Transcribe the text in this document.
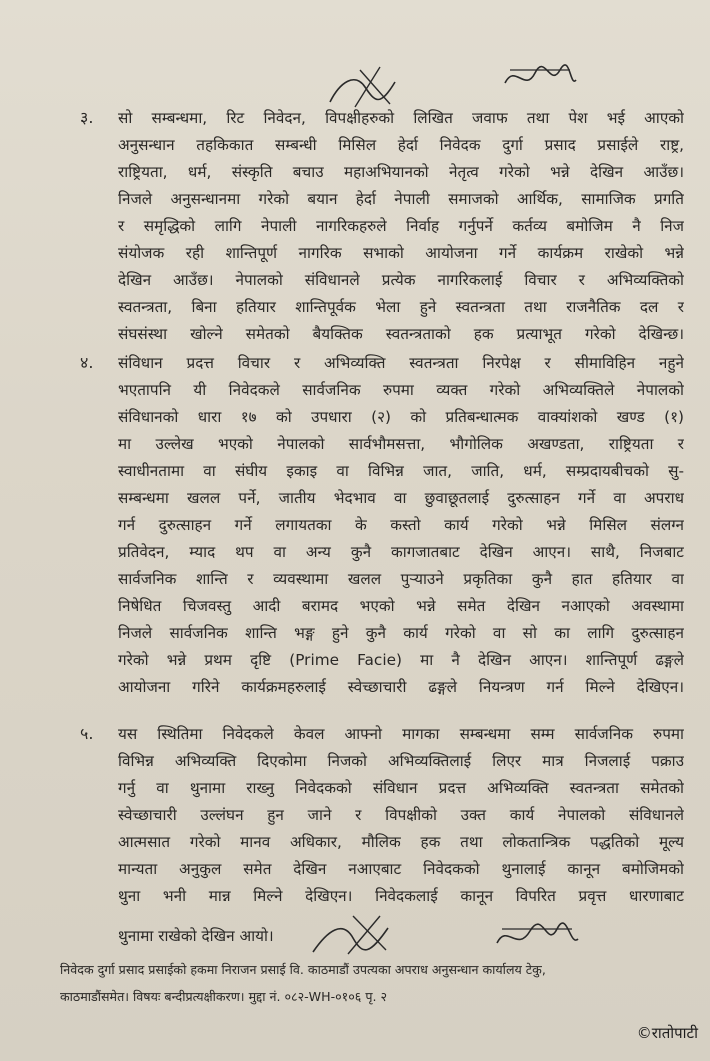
३. सो सम्बन्धमा, रिट निवेदन, विपक्षीहरुको लिखित जवाफ तथा पेश भई आएको
अनुसन्धान तहकिकात सम्बन्धी मिसिल हेर्दा निवेदक दुर्गा प्रसाद प्रसाईले राष्ट्र,
राष्ट्रियता, धर्म, संस्कृति बचाउ महाअभियानको नेतृत्व गरेको भन्ने देखिन आउँछ।
निजले अनुसन्धानमा गरेको बयान हेर्दा नेपाली समाजको आर्थिक, सामाजिक प्रगति
र समृद्धिको लागि नेपाली नागरिकहरुले निर्वाह गर्नुपर्ने कर्तव्य बमोजिम नै निज
संयोजक रही शान्तिपूर्ण नागरिक सभाको आयोजना गर्ने कार्यक्रम राखेको भन्ने
देखिन आउँछ। नेपालको संविधानले प्रत्येक नागरिकलाई विचार र अभिव्यक्तिको
स्वतन्त्रता, बिना हतियार शान्तिपूर्वक भेला हुने स्वतन्त्रता तथा राजनैतिक दल र
संघसंस्था खोल्ने समेतको बैयक्तिक स्वतन्त्रताको हक प्रत्याभूत गरेको देखिन्छ।
४. संविधान प्रदत्त विचार र अभिव्यक्ति स्वतन्त्रता निरपेक्ष र सीमाविहिन नहुने
भएतापनि यी निवेदकले सार्वजनिक रुपमा व्यक्त गरेको अभिव्यक्तिले नेपालको
संविधानको धारा १७ को उपधारा (२) को प्रतिबन्धात्मक वाक्यांशको खण्ड (१)
मा उल्लेख भएको नेपालको सार्वभौमसत्ता, भौगोलिक अखण्डता, राष्ट्रियता र
स्वाधीनतामा वा संघीय इकाइ वा विभिन्न जात, जाति, धर्म, सम्प्रदायबीचको सु-
सम्बन्धमा खलल पर्ने, जातीय भेदभाव वा छुवाछूतलाई दुरुत्साहन गर्ने वा अपराध
गर्न दुरुत्साहन गर्ने लगायतका के कस्तो कार्य गरेको भन्ने मिसिल संलग्न
प्रतिवेदन, म्याद थप वा अन्य कुनै कागजातबाट देखिन आएन। साथै, निजबाट
सार्वजनिक शान्ति र व्यवस्थामा खलल पुऱ्याउने प्रकृतिका कुनै हात हतियार वा
निषेधित चिजवस्तु आदी बरामद भएको भन्ने समेत देखिन नआएको अवस्थामा
निजले सार्वजनिक शान्ति भङ्ग हुने कुनै कार्य गरेको वा सो का लागि दुरुत्साहन
गरेको भन्ने प्रथम दृष्टि (Prime Facie) मा नै देखिन आएन। शान्तिपूर्ण ढङ्गले
आयोजना गरिने कार्यक्रमहरुलाई स्वेच्छाचारी ढङ्गले नियन्त्रण गर्न मिल्ने देखिएन।
५. यस स्थितिमा निवेदकले केवल आफ्नो मागका सम्बन्धमा सम्म सार्वजनिक रुपमा
विभिन्न अभिव्यक्ति दिएकोमा निजको अभिव्यक्तिलाई लिएर मात्र निजलाई पक्राउ
गर्नु वा थुनामा राख्नु निवेदकको संविधान प्रदत्त अभिव्यक्ति स्वतन्त्रता समेतको
स्वेच्छाचारी उल्लंघन हुन जाने र विपक्षीको उक्त कार्य नेपालको संविधानले
आत्मसात गरेको मानव अधिकार, मौलिक हक तथा लोकतान्त्रिक पद्धतिको मूल्य
मान्यता अनुकुल समेत देखिन नआएबाट निवेदकको थुनालाई कानून बमोजिमको
थुना भनी मान्न मिल्ने देखिएन। निवेदकलाई कानून विपरित प्रवृत्त धारणाबाट
थुनामा राखेको देखिन आयो।
निवेदक दुर्गा प्रसाद प्रसाईको हकमा निराजन प्रसाई वि. काठमाडौं उपत्यका अपराध अनुसन्धान कार्यालय टेकु,
काठमाडौंसमेत। विषयः बन्दीप्रत्यक्षीकरण। मुद्दा नं. ०८२-WH-०१०६ पृ. २
©रातोपाटी
